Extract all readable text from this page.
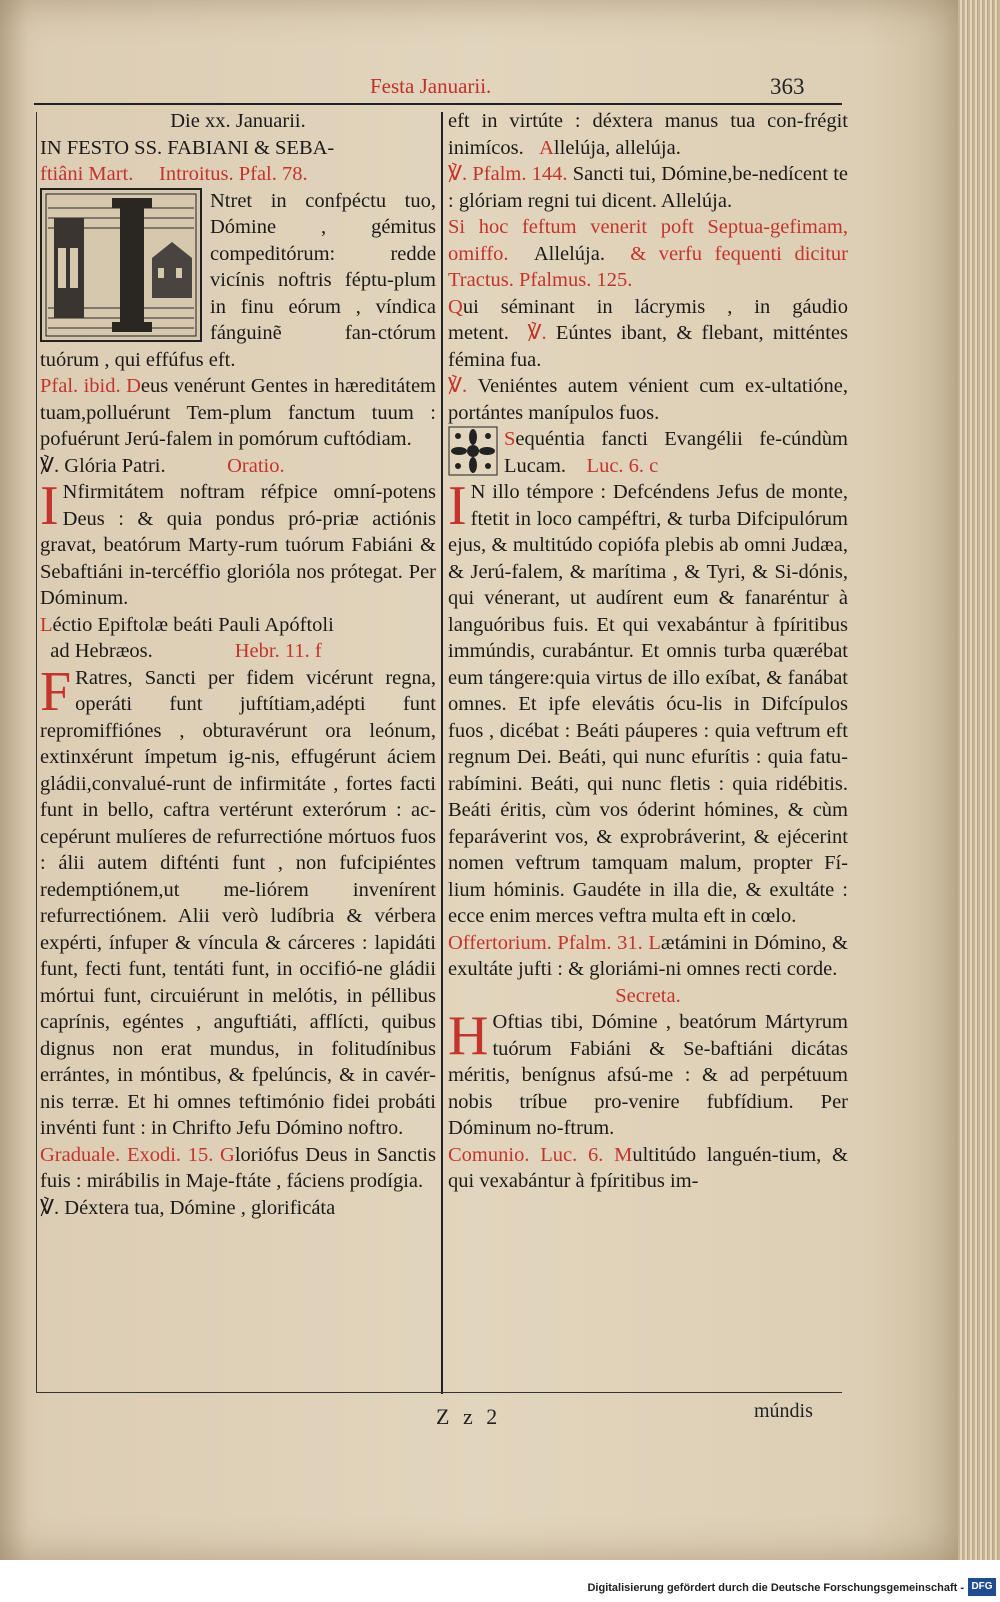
Festa Januarii.	363

Die xx. Januarii.

IN FESTO SS. FABIANI & SEBA-

ftiâni Mart. Introitus. Pfal. 78.

Ntret in confpéctu tuo, Dómine , gémitus compeditórum: redde vicínis noftris féptu-plum in finu eórum , víndica fánguinẽ fan-ctórum tuórum , qui effúfus eft.

Pfal. ibid. Deus venérunt Gentes in hæreditátem tuam,polluérunt Tem-plum fanctum tuum : pofuérunt Jerú-falem in pomórum cuftódiam.

℣. Glória Patri.	Oratio.

I Nfirmitátem noftram réfpice omní-potens Deus : & quia pondus pró-priæ actiónis gravat, beatórum Marty-rum tuórum Fabiáni & Sebaftiáni in-tercéffio glorióla nos prótegat. Per Dóminum.

Léctio Epiftolæ beáti Pauli Apóftoli

ad Hebræos.	Hebr. 11. f

F Ratres, Sancti per fidem vicérunt regna, operáti funt juftítiam,adépti funt repromiffiónes , obturavérunt ora leónum, extinxérunt ímpetum ig-nis, effugérunt áciem gládii,convalué-runt de infirmitáte , fortes facti funt in bello, caftra vertérunt exterórum : ac-cepérunt mulíeres de refurrectióne mórtuos fuos : álii autem difténti funt , non fufcipiéntes redemptiónem,ut me-liórem invenírent refurrectiónem. Alii verò ludíbria & vérbera expérti, ínfuper & víncula & cárceres : lapidáti funt, fecti funt, tentáti funt, in occifió-ne gládii mórtui funt, circuiérunt in melótis, in péllibus caprínis, egéntes , anguftiáti, afflícti, quibus dignus non erat mundus, in folitudínibus errántes, in móntibus, & fpelúncis, & in cavér-nis terræ. Et hi omnes teftimónio fidei probáti invénti funt : in Chrifto Jefu Dómino noftro.

Graduale. Exodi. 15. Gloriófus Deus in Sanctis fuis : mirábilis in Maje-ftáte , fáciens prodígia.

℣. Déxtera tua, Dómine , glorificáta

eft in virtúte : déxtera manus tua con-frégit inimícos. Allelúja, allelúja.

℣. Pfalm. 144. Sancti tui, Dómine,be-nedícent te : glóriam regni tui dicent. Allelúja.

Si hoc feftum venerit poft Septua-gefimam, omiffo. Allelúja. & verfu fequenti dicitur Tractus. Pfalmus. 125.

Qui séminant in lácrymis , in gáudio metent. ℣. Eúntes ibant, & flebant, mitténtes fémina fua.

℣. Veniéntes autem vénient cum ex-ultatióne, portántes manípulos fuos.

Sequéntia fancti Evangélii fe-cúndùm Lucam. Luc. 6. c

I N illo témpore : Defcéndens Jefus de monte, ftetit in loco campéftri, & turba Difcipulórum ejus, & multitúdo copiófa plebis ab omni Judæa, & Jerú-falem, & marítima , & Tyri, & Si-dónis, qui vénerant, ut audírent eum & fanaréntur à languóribus fuis. Et qui vexabántur à fpíritibus immúndis, curabántur. Et omnis turba quærébat eum tángere:quia virtus de illo exíbat, & fanábat omnes. Et ipfe elevátis ócu-lis in Difcípulos fuos , dicébat : Beáti páuperes : quia veftrum eft regnum Dei. Beáti, qui nunc efurítis : quia fatu-rabímini. Beáti, qui nunc fletis : quia ridébitis. Beáti éritis, cùm vos óderint hómines, & cùm feparáverint vos, & exprobráverint, & ejécerint nomen veftrum tamquam malum, propter Fí-lium hóminis. Gaudéte in illa die, & exultáte : ecce enim merces veftra multa eft in cœlo.

Offertorium. Pfalm. 31. Lætámini in Dómino, & exultáte jufti : & gloriámi-ni omnes recti corde.

Secreta.

H Oftias tibi, Dómine , beatórum Mártyrum tuórum Fabiáni & Se-baftiáni dicátas méritis, benígnus afsú-me : & ad perpétuum nobis tríbue pro-venire fubfídium. Per Dóminum no-ftrum.

Comunio. Luc. 6. Multitúdo languén-tium, & qui vexabántur à fpíritibus im-

Z z 2	múndis
Digitalisierung gefördert durch die Deutsche Forschungsgemeinschaft - DFG
